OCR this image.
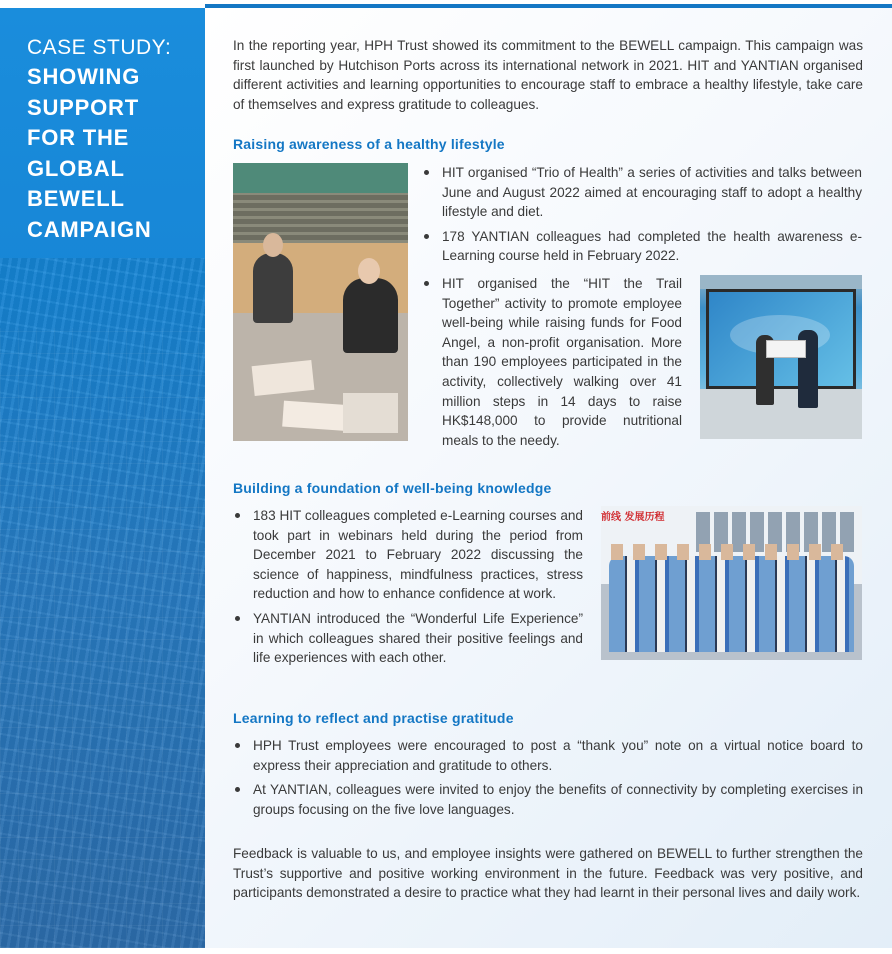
CASE STUDY:
SHOWING
SUPPORT
FOR THE
GLOBAL
BEWELL
CAMPAIGN

In the reporting year, HPH Trust showed its commitment to the BEWELL campaign. This campaign was first launched by Hutchison Ports across its international network in 2021. HIT and YANTIAN organised different activities and learning opportunities to encourage staff to embrace a healthy lifestyle, take care of themselves and express gratitude to colleagues.

Raising awareness of a healthy lifestyle
HIT organised “Trio of Health” a series of activities and talks between June and August 2022 aimed at encouraging staff to adopt a healthy lifestyle and diet.
178 YANTIAN colleagues had completed the health awareness e-Learning course held in February 2022.
HIT organised the “HIT the Trail Together” activity to promote employee well-being while raising funds for Food Angel, a non-profit organisation. More than 190 employees participated in the activity, collectively walking over 41 million steps in 14 days to raise HK$148,000 to provide nutritional meals to the needy.
Building a foundation of well-being knowledge
183 HIT colleagues completed e-Learning courses and took part in webinars held during the period from December 2021 to February 2022 discussing the science of happiness, mindfulness practices, stress reduction and how to enhance confidence at work.
YANTIAN introduced the “Wonderful Life Experience” in which colleagues shared their positive feelings and life experiences with each other.
前线 发展历程
Learning to reflect and practise gratitude
HPH Trust employees were encouraged to post a “thank you” note on a virtual notice board to express their appreciation and gratitude to others.
At YANTIAN, colleagues were invited to enjoy the benefits of connectivity by completing exercises in groups focusing on the five love languages.

Feedback is valuable to us, and employee insights were gathered on BEWELL to further strengthen the Trust’s supportive and positive working environment in the future. Feedback was very positive, and participants demonstrated a desire to practice what they had learnt in their personal lives and daily work.
